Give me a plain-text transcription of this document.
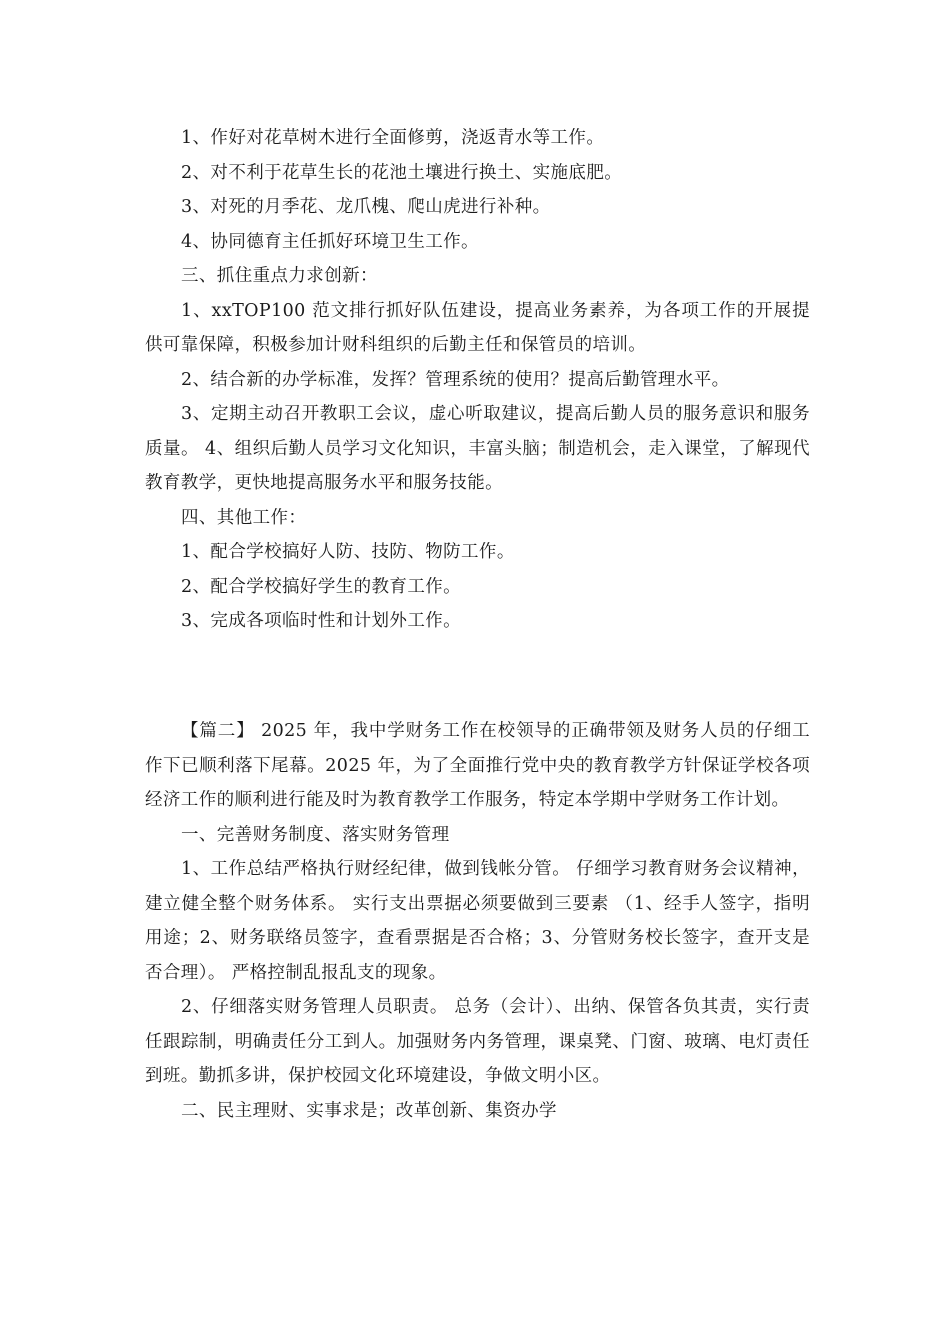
1、作好对花草树木进行全面修剪，浇返青水等工作。

2、对不利于花草生长的花池土壤进行换土、实施底肥。

3、对死的月季花、龙爪槐、爬山虎进行补种。

4、协同德育主任抓好环境卫生工作。

三、抓住重点力求创新：

1、xxTOP100 范文排行抓好队伍建设，提高业务素养，为各项工作的开展提供可靠保障，积极参加计财科组织的后勤主任和保管员的培训。

2、结合新的办学标准，发挥？管理系统的使用？提高后勤管理水平。

3、定期主动召开教职工会议，虚心听取建议，提高后勤人员的服务意识和服务质量。 4、组织后勤人员学习文化知识，丰富头脑；制造机会，走入课堂，了解现代教育教学，更快地提高服务水平和服务技能。

四、其他工作：

1、配合学校搞好人防、技防、物防工作。

2、配合学校搞好学生的教育工作。

3、完成各项临时性和计划外工作。

【篇二】 2025 年，我中学财务工作在校领导的正确带领及财务人员的仔细工作下已顺利落下尾幕。2025 年，为了全面推行党中央的教育教学方针保证学校各项经济工作的顺利进行能及时为教育教学工作服务，特定本学期中学财务工作计划。

一、完善财务制度、落实财务管理

1、工作总结严格执行财经纪律，做到钱帐分管。 仔细学习教育财务会议精神，建立健全整个财务体系。 实行支出票据必须要做到三要素 （1、经手人签字，指明用途；2、财务联络员签字，查看票据是否合格；3、分管财务校长签字，查开支是否合理）。 严格控制乱报乱支的现象。

2、仔细落实财务管理人员职责。 总务（会计）、出纳、保管各负其责，实行责任跟踪制，明确责任分工到人。加强财务内务管理，课桌凳、门窗、玻璃、电灯责任到班。勤抓多讲，保护校园文化环境建设，争做文明小区。

二、民主理财、实事求是；改革创新、集资办学
